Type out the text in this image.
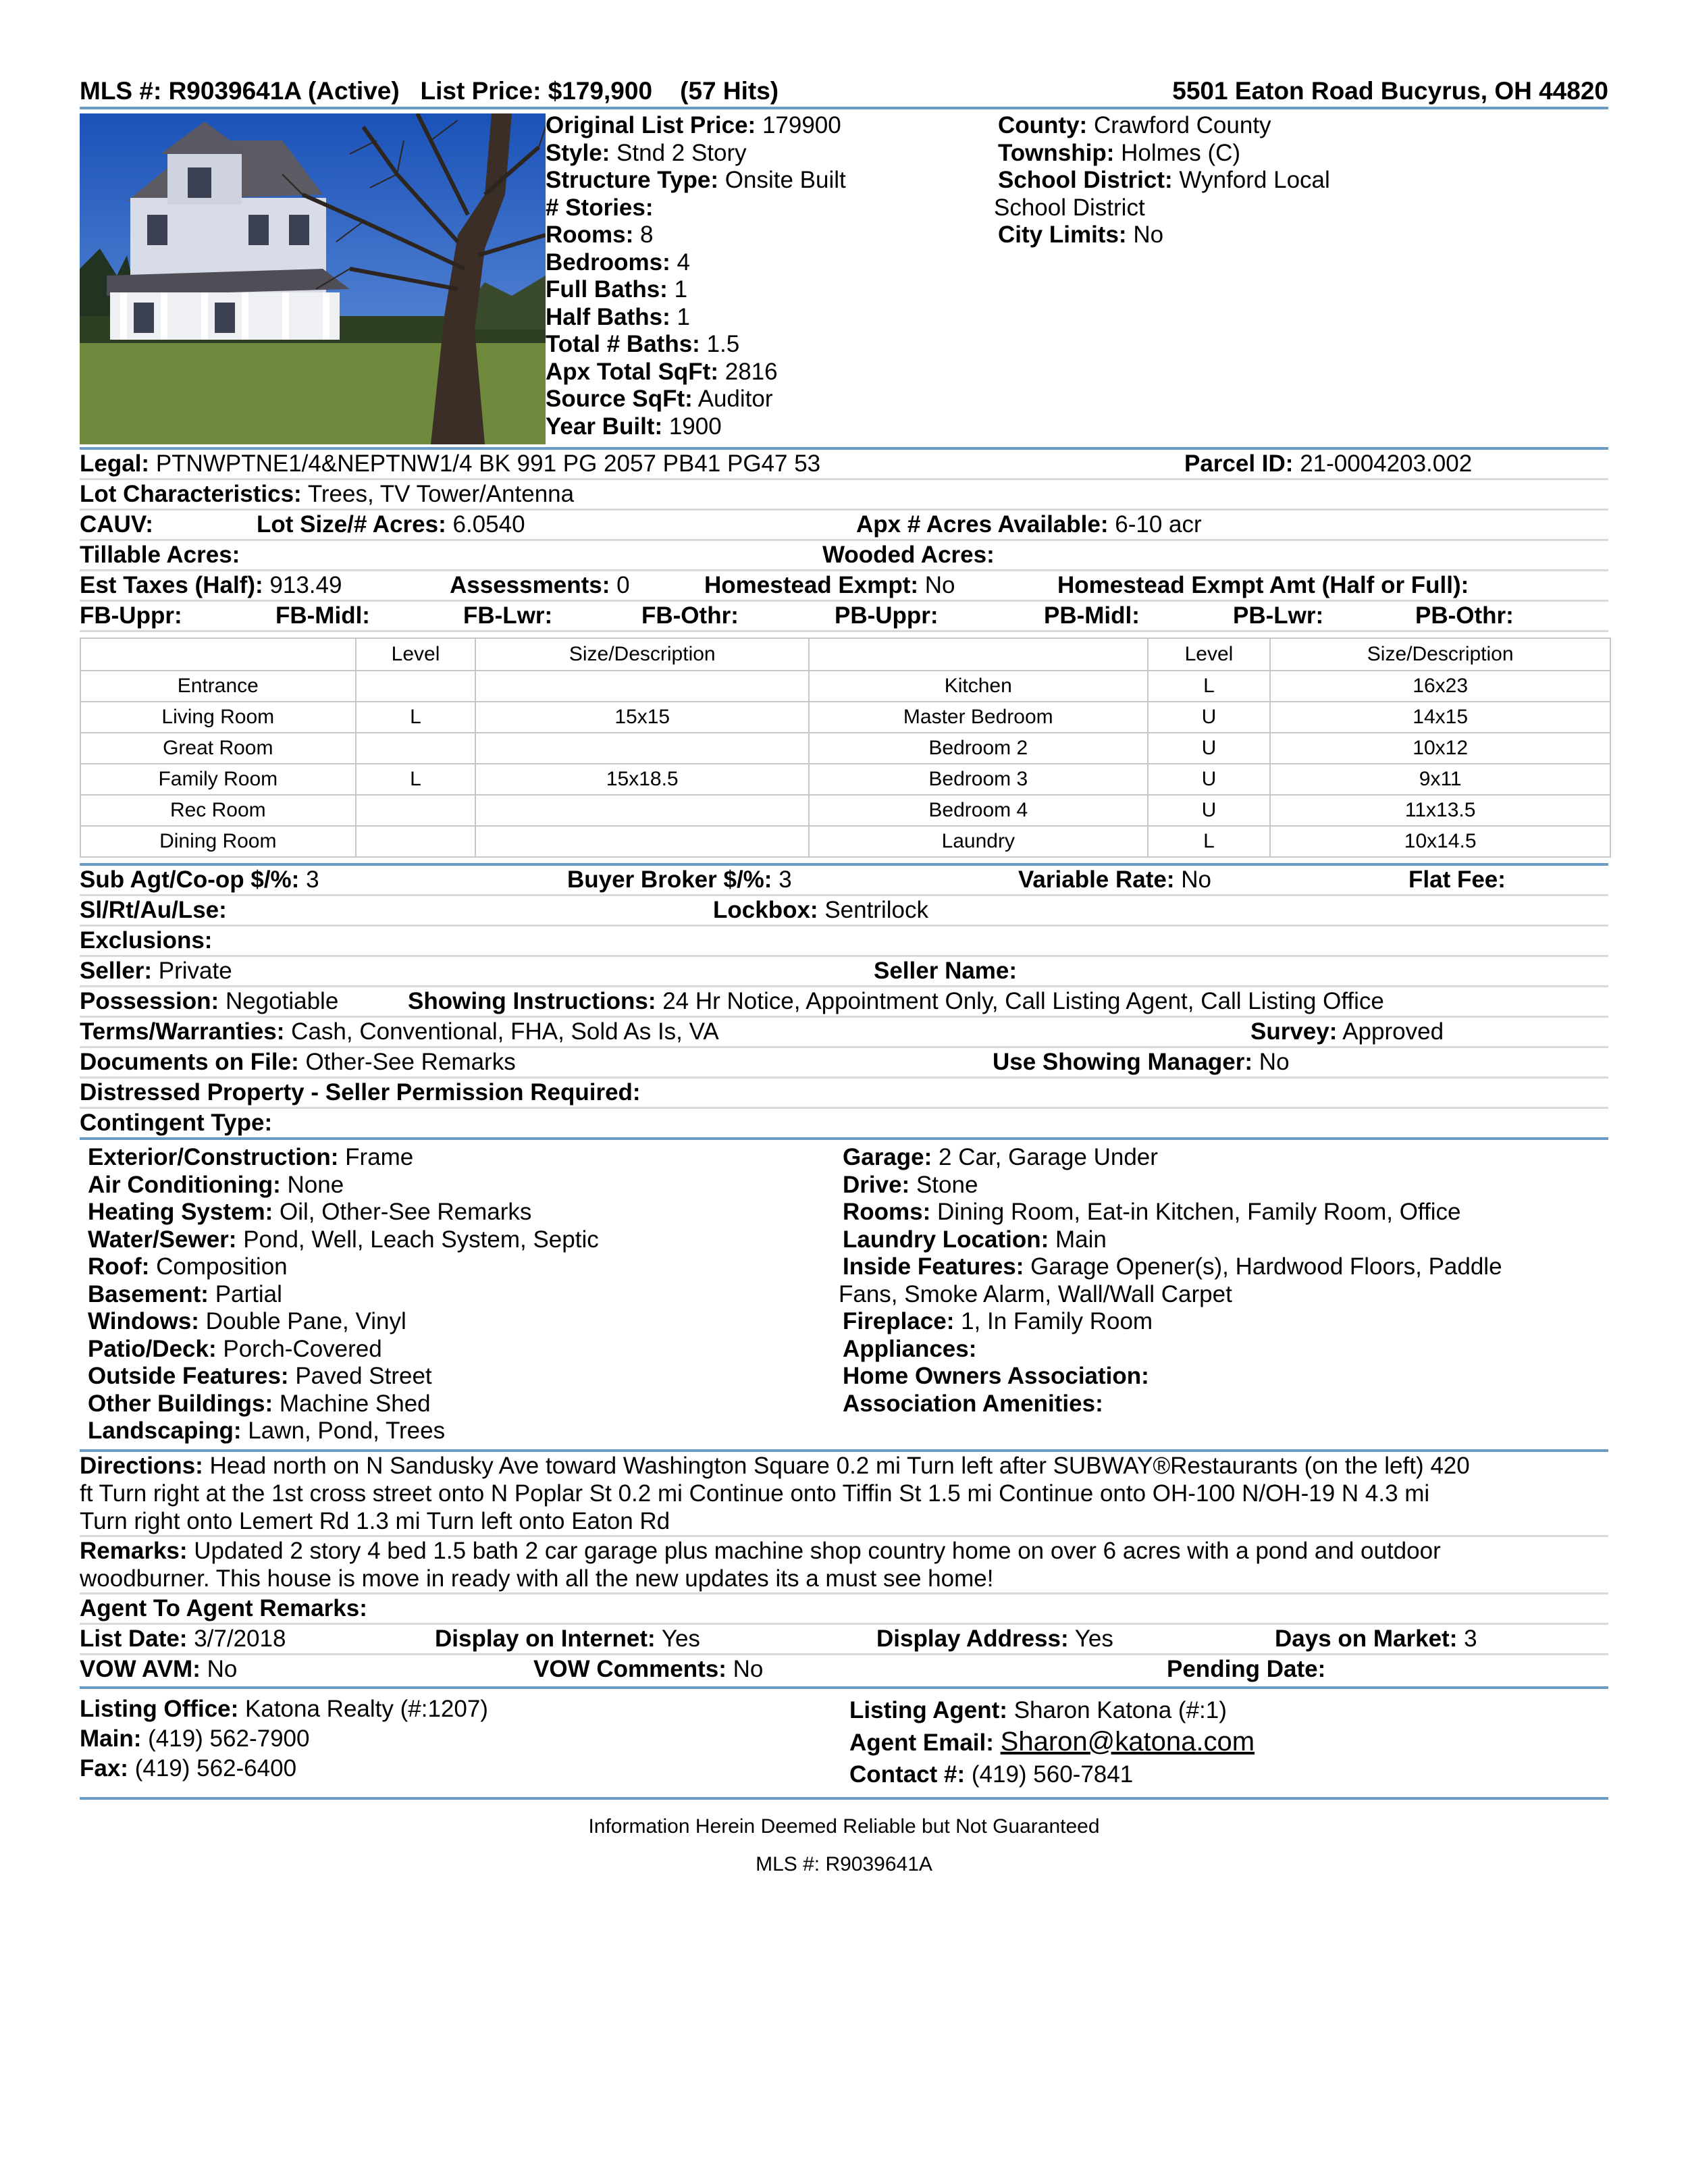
MLS #: R9039641A (Active) List Price: $179,900 (57 Hits)	5501 Eaton Road Bucyrus, OH 44820
Original List Price: 179900
Style: Stnd 2 Story
Structure Type: Onsite Built
# Stories:
Rooms: 8
Bedrooms: 4
Full Baths: 1
Half Baths: 1
Total # Baths: 1.5
Apx Total SqFt: 2816
Source SqFt: Auditor
Year Built: 1900
County: Crawford County
Township: Holmes (C)
School District: Wynford Local
School District
City Limits: No
Legal: PTNWPTNE1/4&NEPTNW1/4 BK 991 PG 2057 PB41 PG47 53	Parcel ID: 21-0004203.002
Lot Characteristics: Trees, TV Tower/Antenna
CAUV:	Lot Size/# Acres: 6.0540	Apx # Acres Available: 6-10 acr
Tillable Acres:	Wooded Acres:
Est Taxes (Half): 913.49	Assessments: 0	Homestead Exmpt: No	Homestead Exmpt Amt (Half or Full):
FB-Uppr:	FB-Midl:	FB-Lwr:	FB-Othr:	PB-Uppr:	PB-Midl:	PB-Lwr:	PB-Othr:
	Level	Size/Description		Level	Size/Description
Entrance			Kitchen	L	16x23
Living Room	L	15x15	Master Bedroom	U	14x15
Great Room			Bedroom 2	U	10x12
Family Room	L	15x18.5	Bedroom 3	U	9x11
Rec Room			Bedroom 4	U	11x13.5
Dining Room			Laundry	L	10x14.5
Sub Agt/Co-op $/%: 3	Buyer Broker $/%: 3	Variable Rate: No	Flat Fee:
Sl/Rt/Au/Lse:	Lockbox: Sentrilock
Exclusions:
Seller: Private	Seller Name:
Possession: Negotiable	Showing Instructions: 24 Hr Notice, Appointment Only, Call Listing Agent, Call Listing Office
Terms/Warranties: Cash, Conventional, FHA, Sold As Is, VA	Survey: Approved
Documents on File: Other-See Remarks	Use Showing Manager: No
Distressed Property - Seller Permission Required:
Contingent Type:
Exterior/Construction: Frame
Air Conditioning: None
Heating System: Oil, Other-See Remarks
Water/Sewer: Pond, Well, Leach System, Septic
Roof: Composition
Basement: Partial
Windows: Double Pane, Vinyl
Patio/Deck: Porch-Covered
Outside Features: Paved Street
Other Buildings: Machine Shed
Landscaping: Lawn, Pond, Trees
Garage: 2 Car, Garage Under
Drive: Stone
Rooms: Dining Room, Eat-in Kitchen, Family Room, Office
Laundry Location: Main
Inside Features: Garage Opener(s), Hardwood Floors, Paddle
Fans, Smoke Alarm, Wall/Wall Carpet
Fireplace: 1, In Family Room
Appliances:
Home Owners Association:
Association Amenities:
Directions: Head north on N Sandusky Ave toward Washington Square 0.2 mi Turn left after SUBWAY®Restaurants (on the left) 420
ft Turn right at the 1st cross street onto N Poplar St 0.2 mi Continue onto Tiffin St 1.5 mi Continue onto OH-100 N/OH-19 N 4.3 mi
Turn right onto Lemert Rd 1.3 mi Turn left onto Eaton Rd
Remarks: Updated 2 story 4 bed 1.5 bath 2 car garage plus machine shop country home on over 6 acres with a pond and outdoor
woodburner. This house is move in ready with all the new updates its a must see home!
Agent To Agent Remarks:
List Date: 3/7/2018	Display on Internet: Yes	Display Address: Yes	Days on Market: 3
VOW AVM: No	VOW Comments: No	Pending Date:
Listing Office: Katona Realty (#:1207)
Main: (419) 562-7900
Fax: (419) 562-6400
Listing Agent: Sharon Katona (#:1)
Agent Email: Sharon@katona.com
Contact #: (419) 560-7841
Information Herein Deemed Reliable but Not Guaranteed
MLS #: R9039641A
